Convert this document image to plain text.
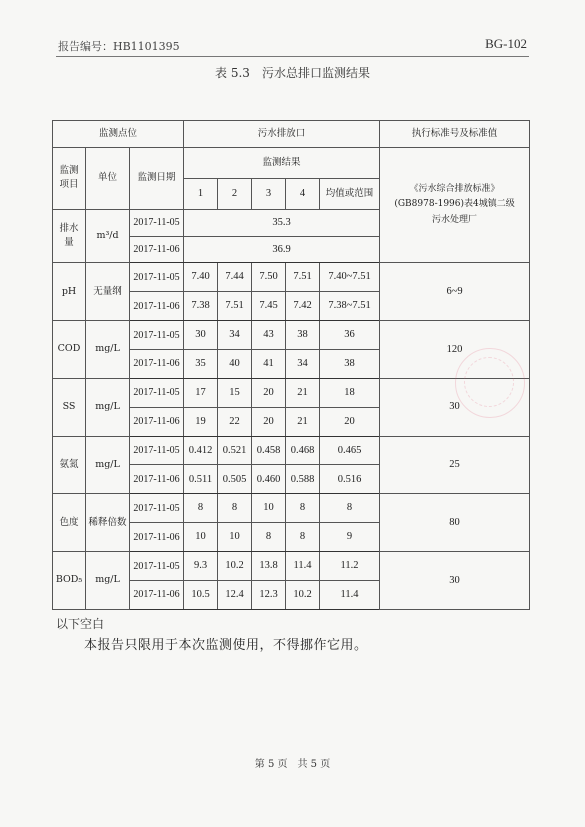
报告编号：HB1101395	BG-102
表 5.3　污水总排口监测结果
监测点位			污水排放口					执行标准号及标准值
监测项目	单位	监测日期	监测结果					《污水综合排放标准》(GB8978-1996)表4城镇二级污水处理厂
			1	2	3	4	均值或范围	
排水量	m³/d	2017-11-05	35.3					
		2017-11-06	36.9					
pH	无量纲	2017-11-05	7.40	7.44	7.50	7.51	7.40~7.51	6~9
		2017-11-06	7.38	7.51	7.45	7.42	7.38~7.51	
COD	mg/L	2017-11-05	30	34	43	38	36	120
		2017-11-06	35	40	41	34	38	
SS	mg/L	2017-11-05	17	15	20	21	18	30
		2017-11-06	19	22	20	21	20	
氨氮	mg/L	2017-11-05	0.412	0.521	0.458	0.468	0.465	25
		2017-11-06	0.511	0.505	0.460	0.588	0.516	
色度	稀释倍数	2017-11-05	8	8	10	8	8	80
		2017-11-06	10	10	8	8	9	
BOD₅	mg/L	2017-11-05	9.3	10.2	13.8	11.4	11.2	30
		2017-11-06	10.5	12.4	12.3	10.2	11.4	
以下空白
本报告只限用于本次监测使用，不得挪作它用。
第 5 页　共 5 页
